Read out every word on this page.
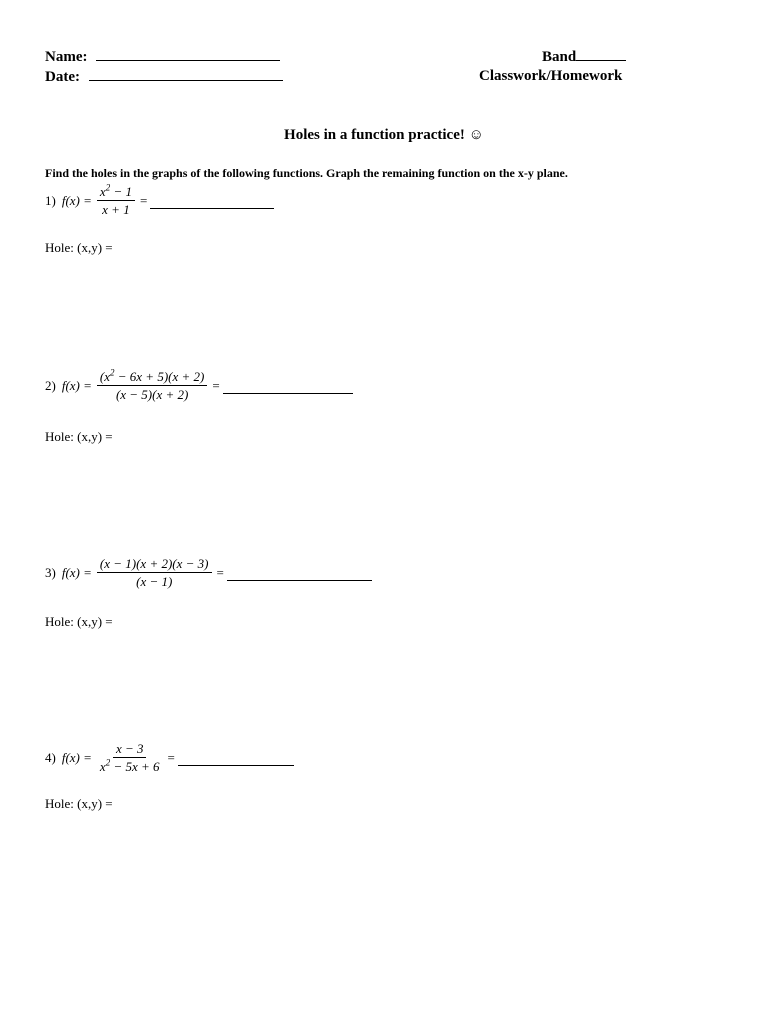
Name:
Date:
Band
Classwork/Homework
Holes in a function practice! ☺
Find the holes in the graphs of the following functions. Graph the remaining function on the x-y plane.
1) $f(x) = \frac{x^2 - 1}{x + 1}$ =
Hole: (x,y) =
2) $f(x) = \frac{(x^2 - 6x + 5)(x + 2)}{(x - 5)(x + 2)}$ =
Hole: (x,y) =
3) $f(x) = \frac{(x - 1)(x + 2)(x - 3)}{(x - 1)}$ =
Hole: (x,y) =
4) $f(x) = \frac{x - 3}{x^2 - 5x + 6}$ =
Hole: (x,y) =
